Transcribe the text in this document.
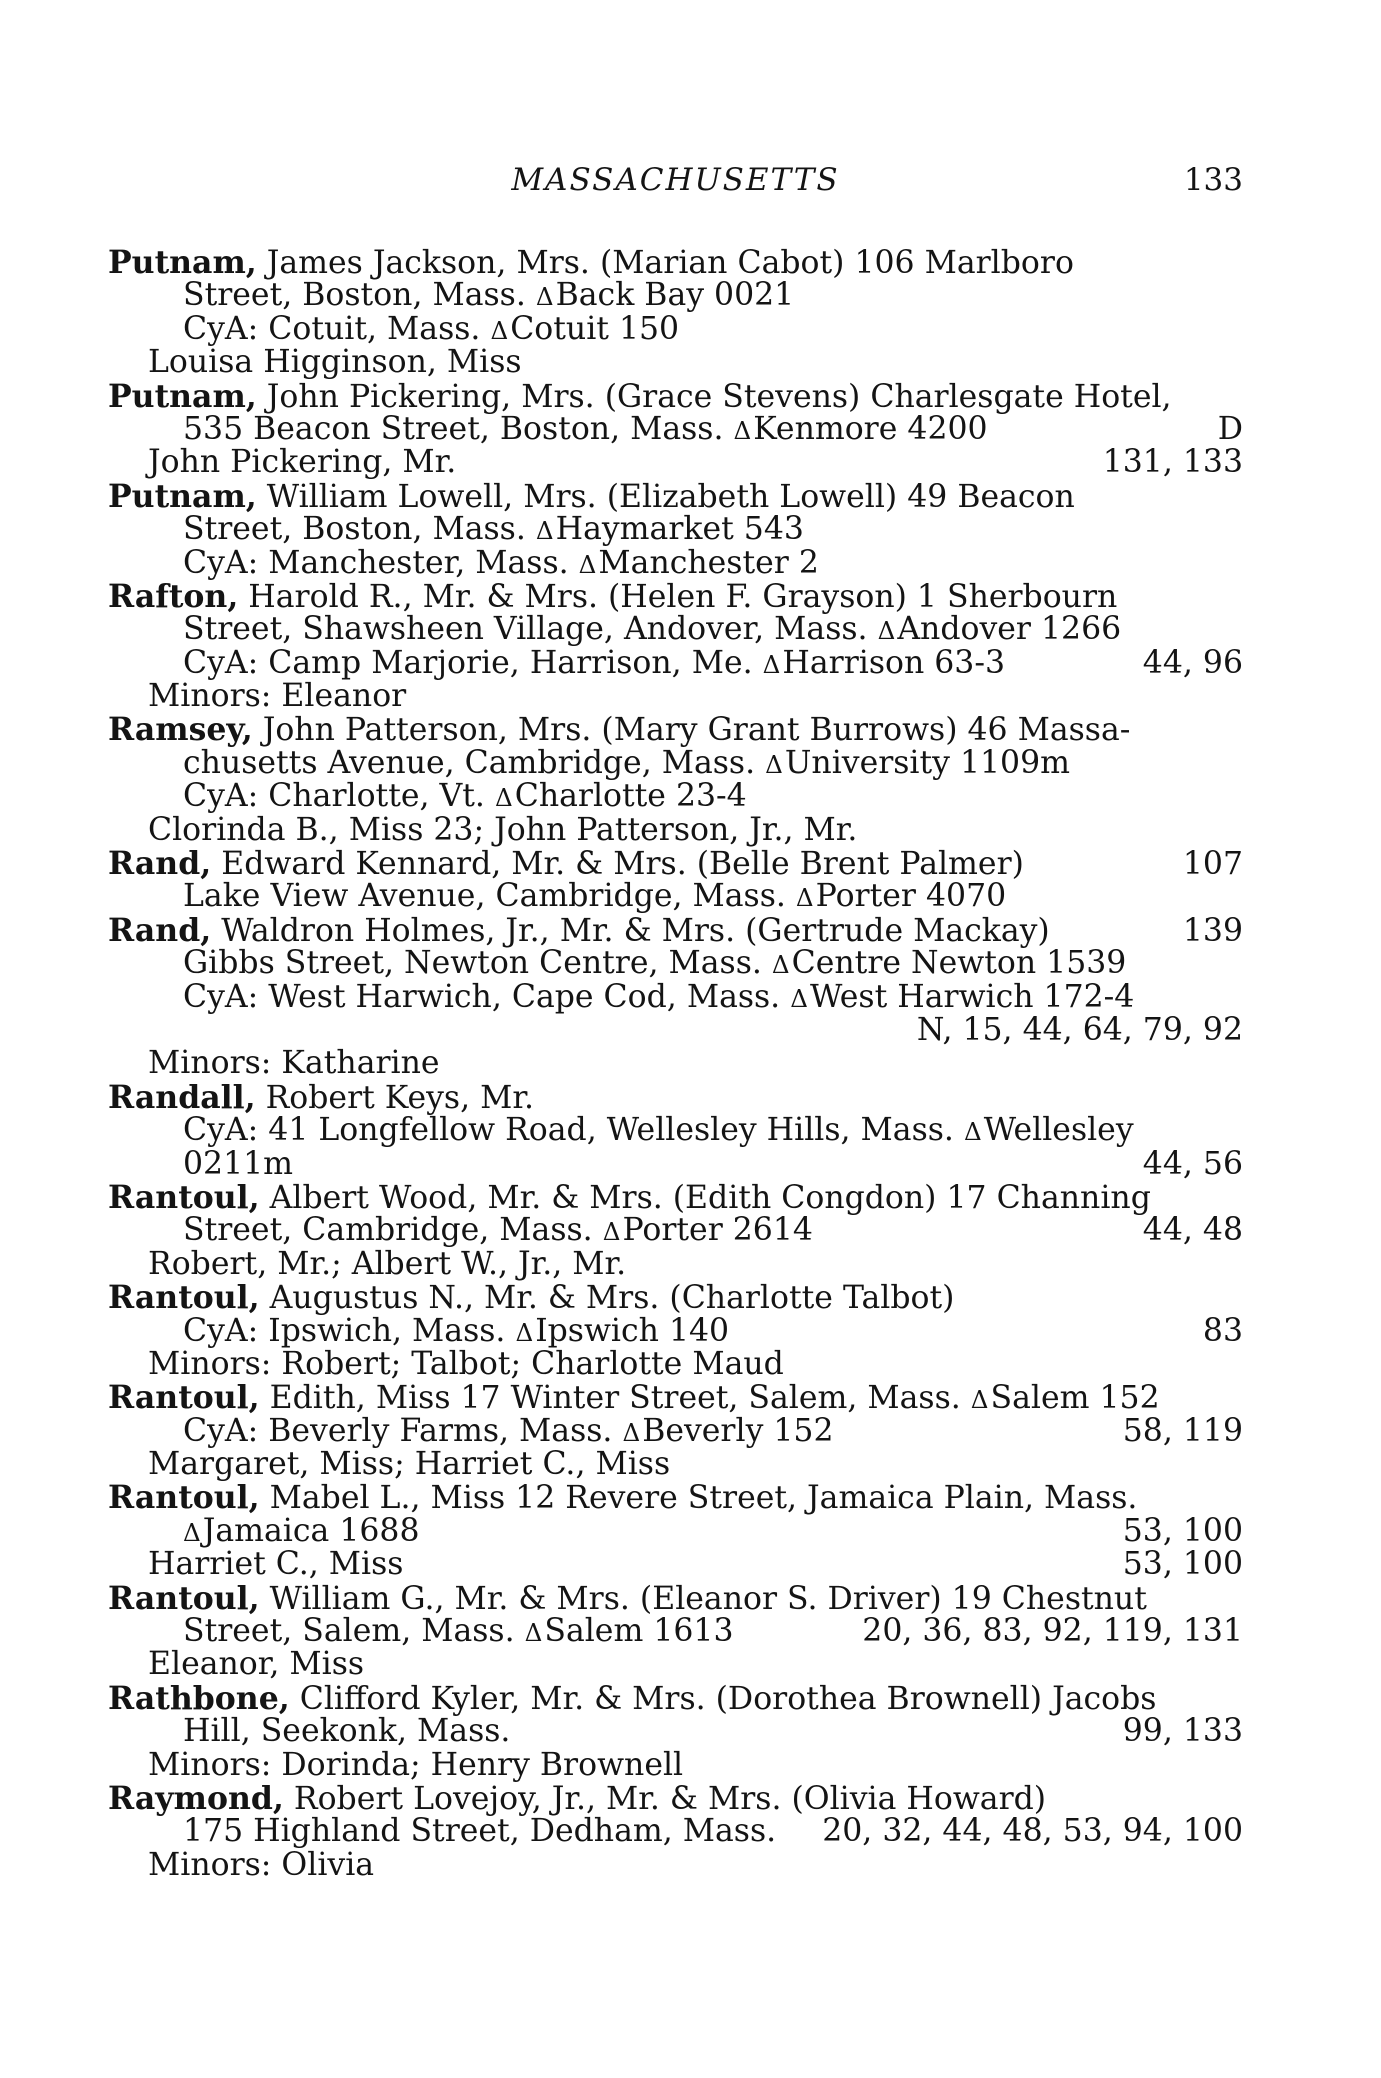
MASSACHUSETTS	133
Putnam, James Jackson, Mrs. (Marian Cabot) 106 Marlboro
Street, Boston, Mass. Δ Back Bay 0021
CyA: Cotuit, Mass. Δ Cotuit 150
Louisa Higginson, Miss
Putnam, John Pickering, Mrs. (Grace Stevens) Charlesgate Hotel,
535 Beacon Street, Boston, Mass. Δ Kenmore 4200	D
John Pickering, Mr.	131, 133
Putnam, William Lowell, Mrs. (Elizabeth Lowell) 49 Beacon
Street, Boston, Mass. Δ Haymarket 543
CyA: Manchester, Mass. Δ Manchester 2
Rafton, Harold R., Mr. & Mrs. (Helen F. Grayson) 1 Sherbourn
Street, Shawsheen Village, Andover, Mass. Δ Andover 1266
CyA: Camp Marjorie, Harrison, Me. Δ Harrison 63-3	44, 96
Minors: Eleanor
Ramsey, John Patterson, Mrs. (Mary Grant Burrows) 46 Massa-
chusetts Avenue, Cambridge, Mass. Δ University 1109m
CyA: Charlotte, Vt. Δ Charlotte 23-4
Clorinda B., Miss 23; John Patterson, Jr., Mr.
Rand, Edward Kennard, Mr. & Mrs. (Belle Brent Palmer)	107
Lake View Avenue, Cambridge, Mass. Δ Porter 4070
Rand, Waldron Holmes, Jr., Mr. & Mrs. (Gertrude Mackay)	139
Gibbs Street, Newton Centre, Mass. Δ Centre Newton 1539
CyA: West Harwich, Cape Cod, Mass. Δ West Harwich 172-4
N, 15, 44, 64, 79, 92
Minors: Katharine
Randall, Robert Keys, Mr.
CyA: 41 Longfellow Road, Wellesley Hills, Mass. Δ Wellesley
0211m	44, 56
Rantoul, Albert Wood, Mr. & Mrs. (Edith Congdon) 17 Channing
Street, Cambridge, Mass. Δ Porter 2614	44, 48
Robert, Mr.; Albert W., Jr., Mr.
Rantoul, Augustus N., Mr. & Mrs. (Charlotte Talbot)
CyA: Ipswich, Mass. Δ Ipswich 140	83
Minors: Robert; Talbot; Charlotte Maud
Rantoul, Edith, Miss 17 Winter Street, Salem, Mass. Δ Salem 152
CyA: Beverly Farms, Mass. Δ Beverly 152	58, 119
Margaret, Miss; Harriet C., Miss
Rantoul, Mabel L., Miss 12 Revere Street, Jamaica Plain, Mass.
Δ Jamaica 1688	53, 100
Harriet C., Miss	53, 100
Rantoul, William G., Mr. & Mrs. (Eleanor S. Driver) 19 Chestnut
Street, Salem, Mass. Δ Salem 1613	20, 36, 83, 92, 119, 131
Eleanor, Miss
Rathbone, Clifford Kyler, Mr. & Mrs. (Dorothea Brownell) Jacobs
Hill, Seekonk, Mass.	99, 133
Minors: Dorinda; Henry Brownell
Raymond, Robert Lovejoy, Jr., Mr. & Mrs. (Olivia Howard)
175 Highland Street, Dedham, Mass. 20, 32, 44, 48, 53, 94, 100
Minors: Olivia
